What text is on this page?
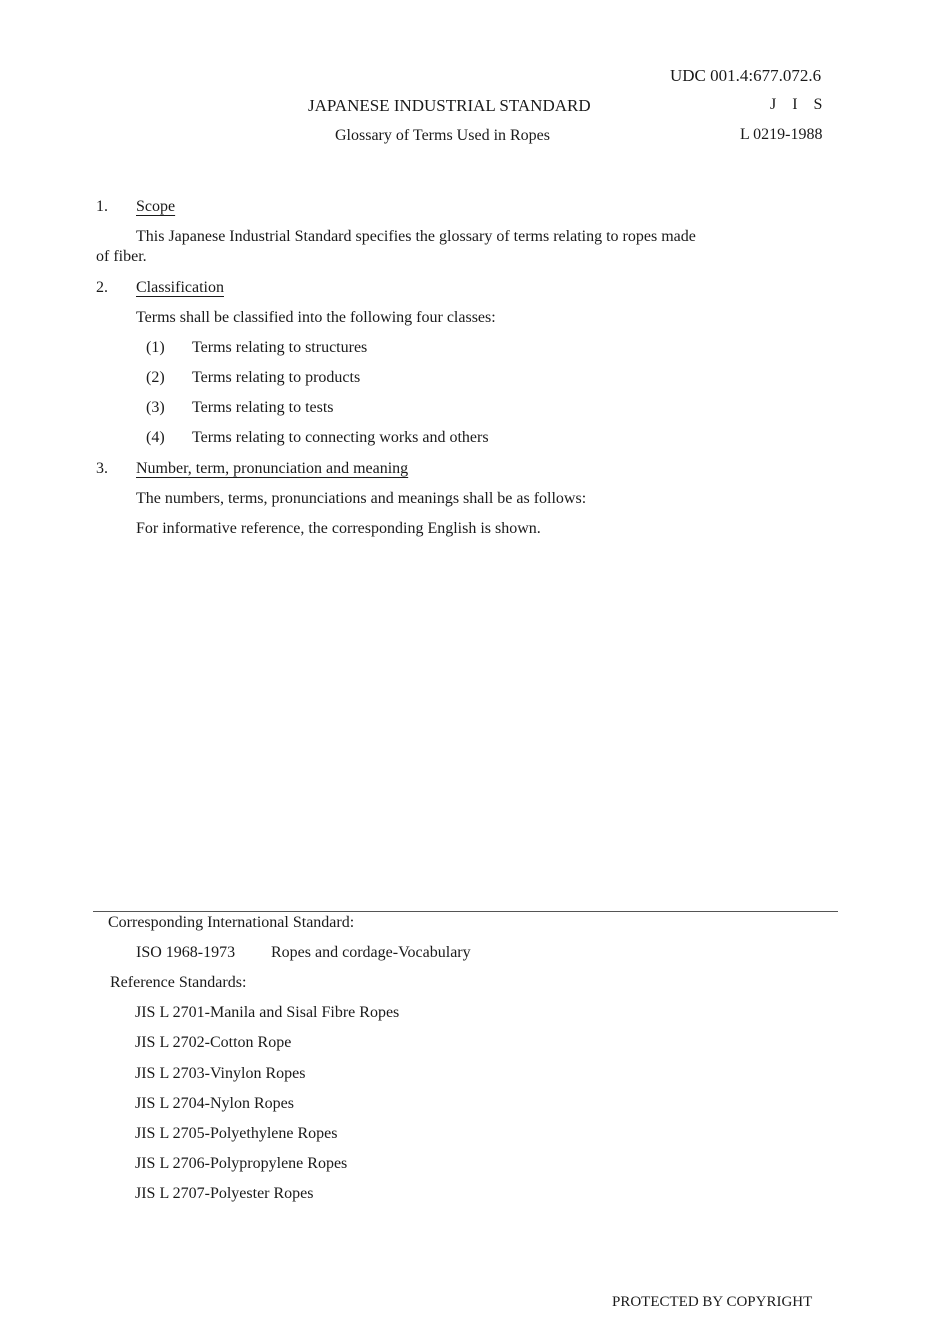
UDC 001.4:677.072.6
JAPANESE INDUSTRIAL STANDARD	J I S
Glossary of Terms Used in Ropes	L 0219-1988
1. Scope
This Japanese Industrial Standard specifies the glossary of terms relating to ropes made
of fiber.
2. Classification
Terms shall be classified into the following four classes:
(1) Terms relating to structures
(2) Terms relating to products
(3) Terms relating to tests
(4) Terms relating to connecting works and others
3. Number, term, pronunciation and meaning
The numbers, terms, pronunciations and meanings shall be as follows:
For informative reference, the corresponding English is shown.
Corresponding International Standard:
ISO 1968-1973 Ropes and cordage-Vocabulary
Reference Standards:
JIS L 2701-Manila and Sisal Fibre Ropes
JIS L 2702-Cotton Rope
JIS L 2703-Vinylon Ropes
JIS L 2704-Nylon Ropes
JIS L 2705-Polyethylene Ropes
JIS L 2706-Polypropylene Ropes
JIS L 2707-Polyester Ropes
PROTECTED BY COPYRIGHT
